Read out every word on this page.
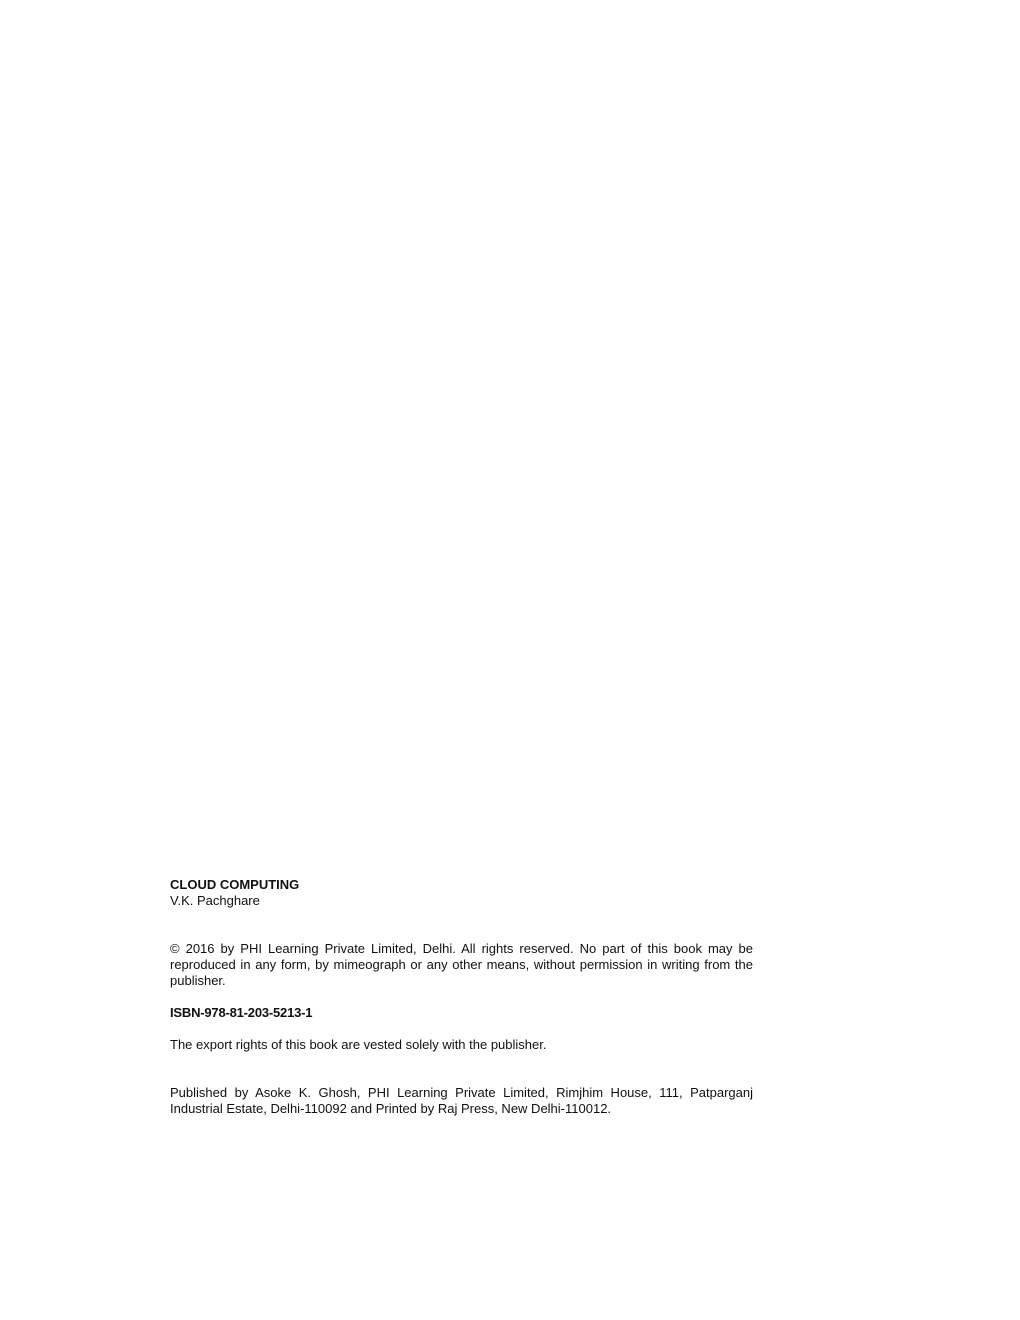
CLOUD COMPUTING
V.K. Pachghare
© 2016 by PHI Learning Private Limited, Delhi. All rights reserved. No part of this book may be reproduced in any form, by mimeograph or any other means, without permission in writing from the publisher.
ISBN-978-81-203-5213-1
The export rights of this book are vested solely with the publisher.
Published by Asoke K. Ghosh, PHI Learning Private Limited, Rimjhim House, 111, Patparganj Industrial Estate, Delhi-110092 and Printed by Raj Press, New Delhi-110012.
